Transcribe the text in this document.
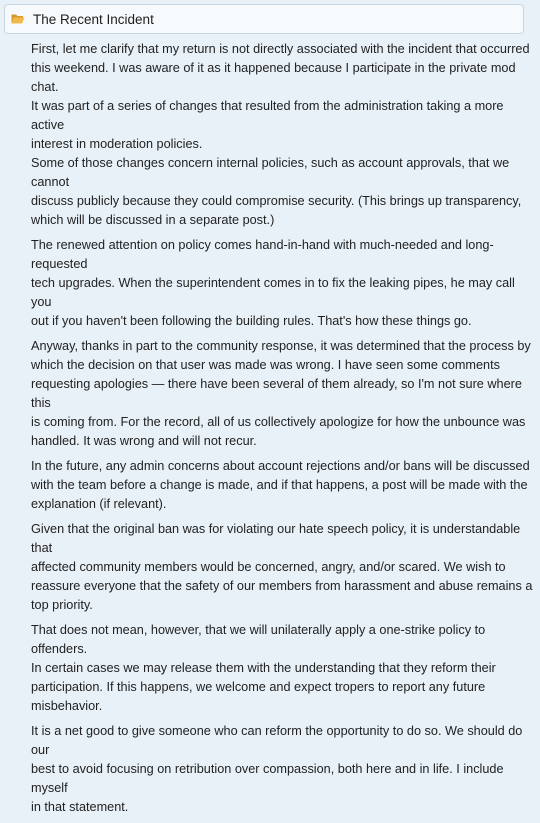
The Recent Incident

First, let me clarify that my return is not directly associated with the incident that occurred
this weekend. I was aware of it as it happened because I participate in the private mod chat.
It was part of a series of changes that resulted from the administration taking a more active
interest in moderation policies.
Some of those changes concern internal policies, such as account approvals, that we cannot
discuss publicly because they could compromise security. (This brings up transparency,
which will be discussed in a separate post.)

The renewed attention on policy comes hand-in-hand with much-needed and long-requested
tech upgrades. When the superintendent comes in to fix the leaking pipes, he may call you
out if you haven't been following the building rules. That's how these things go.

Anyway, thanks in part to the community response, it was determined that the process by
which the decision on that user was made was wrong. I have seen some comments
requesting apologies — there have been several of them already, so I'm not sure where this
is coming from. For the record, all of us collectively apologize for how the unbounce was
handled. It was wrong and will not recur.

In the future, any admin concerns about account rejections and/or bans will be discussed
with the team before a change is made, and if that happens, a post will be made with the
explanation (if relevant).

Given that the original ban was for violating our hate speech policy, it is understandable that
affected community members would be concerned, angry, and/or scared. We wish to
reassure everyone that the safety of our members from harassment and abuse remains a
top priority.

That does not mean, however, that we will unilaterally apply a one-strike policy to offenders.
In certain cases we may release them with the understanding that they reform their
participation. If this happens, we welcome and expect tropers to report any future
misbehavior.

It is a net good to give someone who can reform the opportunity to do so. We should do our
best to avoid focusing on retribution over compassion, both here and in life. I include myself
in that statement.
